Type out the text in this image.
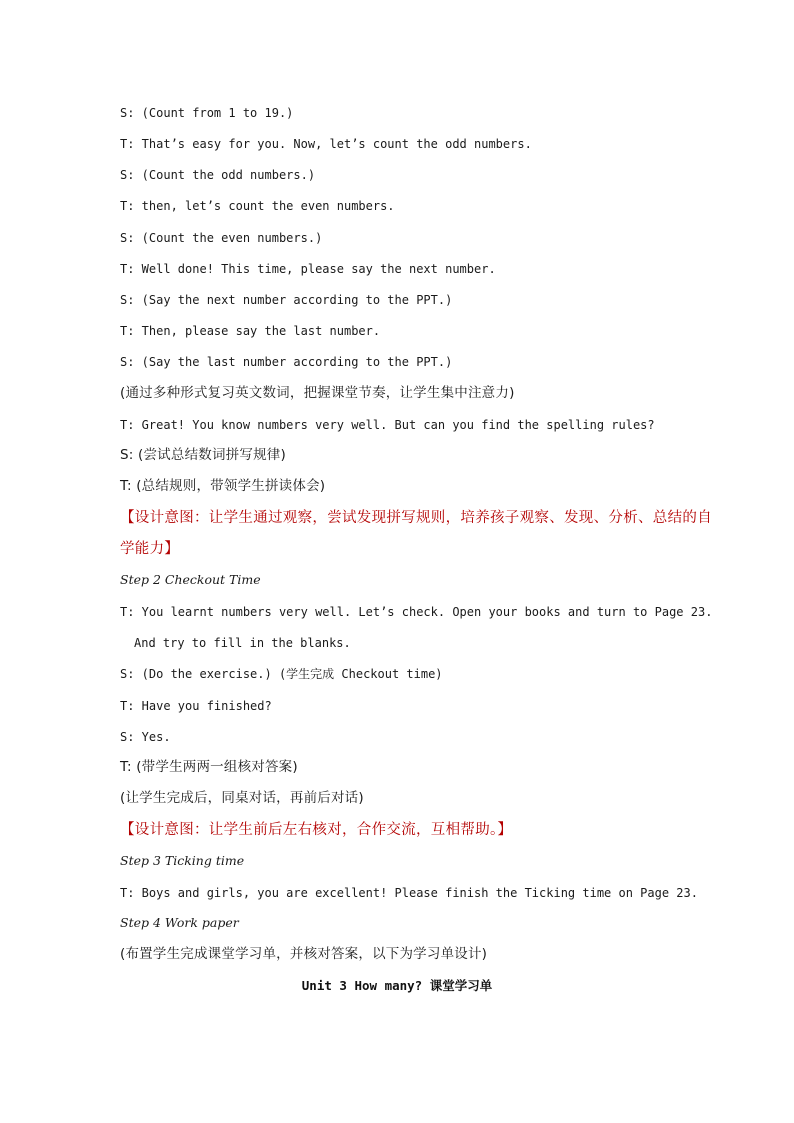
S: (Count from 1 to 19.)
T: That’s easy for you. Now, let’s count the odd numbers.
S: (Count the odd numbers.)
T: then, let’s count the even numbers.
S: (Count the even numbers.)
T: Well done! This time, please say the next number.
S: (Say the next number according to the PPT.)
T: Then, please say the last number.
S: (Say the last number according to the PPT.)
(通过多种形式复习英文数词，把握课堂节奏，让学生集中注意力)
T: Great! You know numbers very well. But can you find the spelling rules?
S: (尝试总结数词拼写规律)
T: (总结规则，带领学生拼读体会)
【设计意图：让学生通过观察，尝试发现拼写规则，培养孩子观察、发现、分析、总结的自
学能力】
Step 2 Checkout Time
T: You learnt numbers very well. Let’s check. Open your books and turn to Page 23.
And try to fill in the blanks.
S: (Do the exercise.) (学生完成 Checkout time)
T: Have you finished?
S: Yes.
T: (带学生两两一组核对答案)
(让学生完成后，同桌对话，再前后对话)
【设计意图：让学生前后左右核对，合作交流，互相帮助。】
Step 3 Ticking time
T: Boys and girls, you are excellent! Please finish the Ticking time on Page 23.
Step 4 Work paper
(布置学生完成课堂学习单，并核对答案，以下为学习单设计)
Unit 3 How many? 课堂学习单
